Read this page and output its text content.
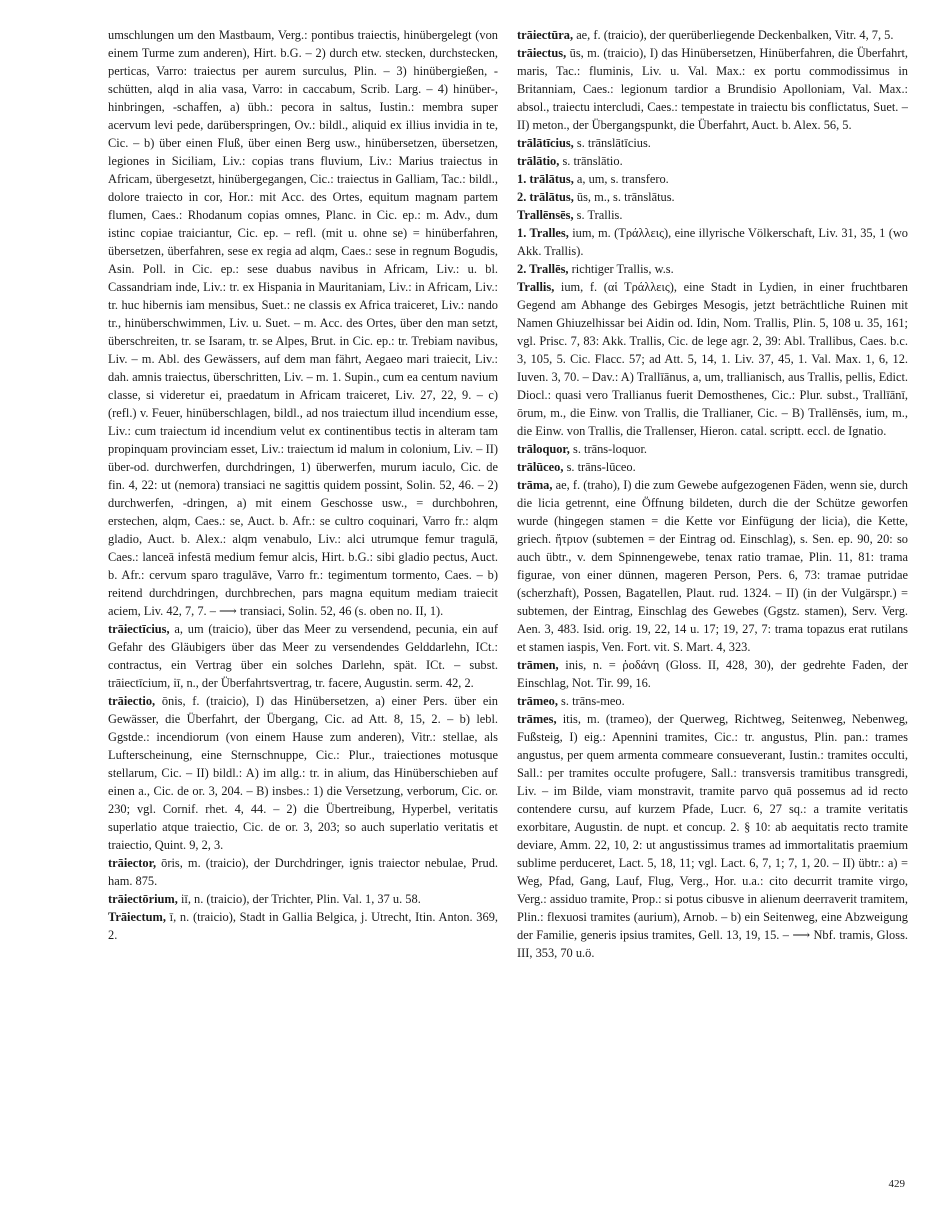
umschlungen um den Mastbaum, Verg.: pontibus traiectis, hinübergelegt (von einem Turme zum anderen), Hirt. b.G. – 2) durch etw. stecken, durchstecken, perticas, Varro: traiectus per aurem surculus, Plin. – 3) hinübergießen, -schütten, alqd in alia vasa, Varro: in caccabum, Scrib. Larg. – 4) hinüber-, hinbringen, -schaffen, a) übh.: pecora in saltus, Iustin.: membra super acervum levi pede, darüberspringen, Ov.: bildl., aliquid ex illius invidia in te, Cic. – b) über einen Fluß, über einen Berg usw., hinübersetzen, übersetzen, legiones in Siciliam, Liv.: copias trans fluvium, Liv.: Marius traiectus in Africam, übergesetzt, hinübergegangen, Cic.: traiectus in Galliam, Tac.: bildl., dolore traiecto in cor, Hor.: mit Acc. des Ortes, equitum magnam partem flumen, Caes.: Rhodanum copias omnes, Planc. in Cic. ep.: m. Adv., dum istinc copiae traiciantur, Cic. ep. – refl. (mit u. ohne se) = hinüberfahren, übersetzen, überfahren, sese ex regia ad alqm, Caes.: sese in regnum Bogudis, Asin. Poll. in Cic. ep.: sese duabus navibus in Africam, Liv.: u. bl. Cassandriam inde, Liv.: tr. ex Hispania in Mauritaniam, Liv.: in Africam, Liv.: tr. huc hibernis iam mensibus, Suet.: ne classis ex Africa traiceret, Liv.: nando tr., hinüberschwimmen, Liv. u. Suet. – m. Acc. des Ortes, über den man setzt, überschreiten, tr. se Isaram, tr. se Alpes, Brut. in Cic. ep.: tr. Trebiam navibus, Liv. – m. Abl. des Gewässers, auf dem man fährt, Aegaeo mari traiecit, Liv.: dah. amnis traiectus, überschritten, Liv. – m. 1. Supin., cum ea centum navium classe, si videretur ei, praedatum in Africam traiceret, Liv. 27, 22, 9. – c) (refl.) v. Feuer, hinüberschlagen, bildl., ad nos traiectum illud incendium esse, Liv.: cum traiectum id incendium velut ex continentibus tectis in alteram tam propinquam provinciam esset, Liv.: traiectum id malum in colonium, Liv. – II) über-od. durchwerfen, durchdringen, 1) überwerfen, murum iaculo, Cic. de fin. 4, 22: ut (nemora) transiaci ne sagittis quidem possint, Solin. 52, 46. – 2) durchwerfen, -dringen, a) mit einem Geschosse usw., = durchbohren, erstechen, alqm, Caes.: se, Auct. b. Afr.: se cultro coquinari, Varro fr.: alqm gladio, Auct. b. Alex.: alqm venabulo, Liv.: alci utrumque femur tragulā, Caes.: lanceā infestā medium femur alcis, Hirt. b.G.: sibi gladio pectus, Auct. b. Afr.: cervum sparo tragulāve, Varro fr.: tegimentum tormento, Caes. – b) reitend durchdringen, durchbrechen, pars magna equitum mediam traiecit aciem, Liv. 42, 7, 7. – ⟶ transiaci, Solin. 52, 46 (s. oben no. II, 1).

trāiectīcius, a, um (traicio), über das Meer zu versendend, pecunia, ein auf Gefahr des Gläubigers über das Meer zu versendendes Gelddarlehn, ICt.: contractus, ein Vertrag über ein solches Darlehn, spät. ICt. – subst. trāiectīcium, iī, n., der Überfahrtsvertrag, tr. facere, Augustin. serm. 42, 2.

trāiectio, ōnis, f. (traicio), I) das Hinübersetzen, a) einer Pers. über ein Gewässer, die Überfahrt, der Übergang, Cic. ad Att. 8, 15, 2. – b) lebl. Ggstde.: incendiorum (von einem Hause zum anderen), Vitr.: stellae, als Lufterscheinung, eine Sternschnuppe, Cic.: Plur., traiectiones motusque stellarum, Cic. – II) bildl.: A) im allg.: tr. in alium, das Hinüberschieben auf einen a., Cic. de or. 3, 204. – B) insbes.: 1) die Versetzung, verborum, Cic. or. 230; vgl. Cornif. rhet. 4, 44. – 2) die Übertreibung, Hyperbel, veritatis superlatio atque traiectio, Cic. de or. 3, 203; so auch superlatio veritatis et traiectio, Quint. 9, 2, 3.

trāiector, ōris, m. (traicio), der Durchdringer, ignis traiector nebulae, Prud. ham. 875.

trāiectōrium, iī, n. (traicio), der Trichter, Plin. Val. 1, 37 u. 58.

Trāiectum, ī, n. (traicio), Stadt in Gallia Belgica, j. Utrecht, Itin. Anton. 369, 2.

trāiectūra, ae, f. (traicio), der querüberliegende Deckenbalken, Vitr. 4, 7, 5.

trāiectus, ūs, m. (traicio), I) das Hinübersetzen, Hinüberfahren, die Überfahrt, maris, Tac.: fluminis, Liv. u. Val. Max.: ex portu commodissimus in Britanniam, Caes.: legionum tardior a Brundisio Apolloniam, Val. Max.: absol., traiectu intercludi, Caes.: tempestate in traiectu bis conflictatus, Suet. – II) meton., der Übergangspunkt, die Überfahrt, Auct. b. Alex. 56, 5.

trālātīcius, s. trānslātīcius.

trālātio, s. trānslātio.

1. trālātus, a, um, s. transfero.

2. trālātus, ūs, m., s. trānslātus.

Trallēnsēs, s. Trallis.

1. Tralles, ium, m. (Τράλλεις), eine illyrische Völkerschaft, Liv. 31, 35, 1 (wo Akk. Trallis).

2. Trallēs, richtiger Trallis, w.s.

Trallis, ium, f. (αἱ Τράλλεις), eine Stadt in Lydien, in einer fruchtbaren Gegend am Abhange des Gebirges Mesogis, jetzt beträchtliche Ruinen mit Namen Ghiuzelhissar bei Aidin od. Idin, Nom. Trallis, Plin. 5, 108 u. 35, 161; vgl. Prisc. 7, 83: Akk. Trallis, Cic. de lege agr. 2, 39: Abl. Trallibus, Caes. b.c. 3, 105, 5. Cic. Flacc. 57; ad Att. 5, 14, 1. Liv. 37, 45, 1. Val. Max. 1, 6, 12. Iuven. 3, 70. – Dav.: A) Trallīānus, a, um, trallianisch, aus Trallis, pellis, Edict. Diocl.: quasi vero Trallianus fuerit Demosthenes, Cic.: Plur. subst., Trallīānī, ōrum, m., die Einw. von Trallis, die Trallianer, Cic. – B) Trallēnsēs, ium, m., die Einw. von Trallis, die Trallenser, Hieron. catal. scriptt. eccl. de Ignatio.

trāloquor, s. trāns-loquor.

trālūceo, s. trāns-lūceo.

trāma, ae, f. (traho), I) die zum Gewebe aufgezogenen Fäden, wenn sie, durch die licia getrennt, eine Öffnung bildeten, durch die der Schütze geworfen wurde (hingegen stamen = die Kette vor Einfügung der licia), die Kette, griech. ἤτριον (subtemen = der Eintrag od. Einschlag), s. Sen. ep. 90, 20: so auch übtr., v. dem Spinnengewebe, tenax ratio tramae, Plin. 11, 81: trama figurae, von einer dünnen, mageren Person, Pers. 6, 73: tramae putridae (scherzhaft), Possen, Bagatellen, Plaut. rud. 1324. – II) (in der Vulgärspr.) = subtemen, der Eintrag, Einschlag des Gewebes (Ggstz. stamen), Serv. Verg. Aen. 3, 483. Isid. orig. 19, 22, 14 u. 17; 19, 27, 7: trama topazus erat rutilans et stamen iaspis, Ven. Fort. vit. S. Mart. 4, 323.

trāmen, inis, n. = ῥοδάνη (Gloss. II, 428, 30), der gedrehte Faden, der Einschlag, Not. Tir. 99, 16.

trāmeo, s. trāns-meo.

trāmes, itis, m. (trameo), der Querweg, Richtweg, Seitenweg, Nebenweg, Fußsteig, I) eig.: Apennini tramites, Cic.: tr. angustus, Plin. pan.: trames angustus, per quem armenta commeare consueverant, Iustin.: tramites occulti, Sall.: per tramites occulte profugere, Sall.: transversis tramitibus transgredi, Liv. – im Bilde, viam monstravit, tramite parvo quā possemus ad id recto contendere cursu, auf kurzem Pfade, Lucr. 6, 27 sq.: a tramite veritatis exorbitare, Augustin. de nupt. et concup. 2. § 10: ab aequitatis recto tramite deviare, Amm. 22, 10, 2: ut angustissimus trames ad immortalitatis praemium sublime perduceret, Lact. 5, 18, 11; vgl. Lact. 6, 7, 1; 7, 1, 20. – II) übtr.: a) = Weg, Pfad, Gang, Lauf, Flug, Verg., Hor. u.a.: cito decurrit tramite virgo, Verg.: assiduo tramite, Prop.: si potus cibusve in alienum deerraverit tramitem, Plin.: flexuosi tramites (aurium), Arnob. – b) ein Seitenweg, eine Abzweigung der Familie, generis ipsius tramites, Gell. 13, 19, 15. – ⟶ Nbf. tramis, Gloss. III, 353, 70 u.ö.

429
